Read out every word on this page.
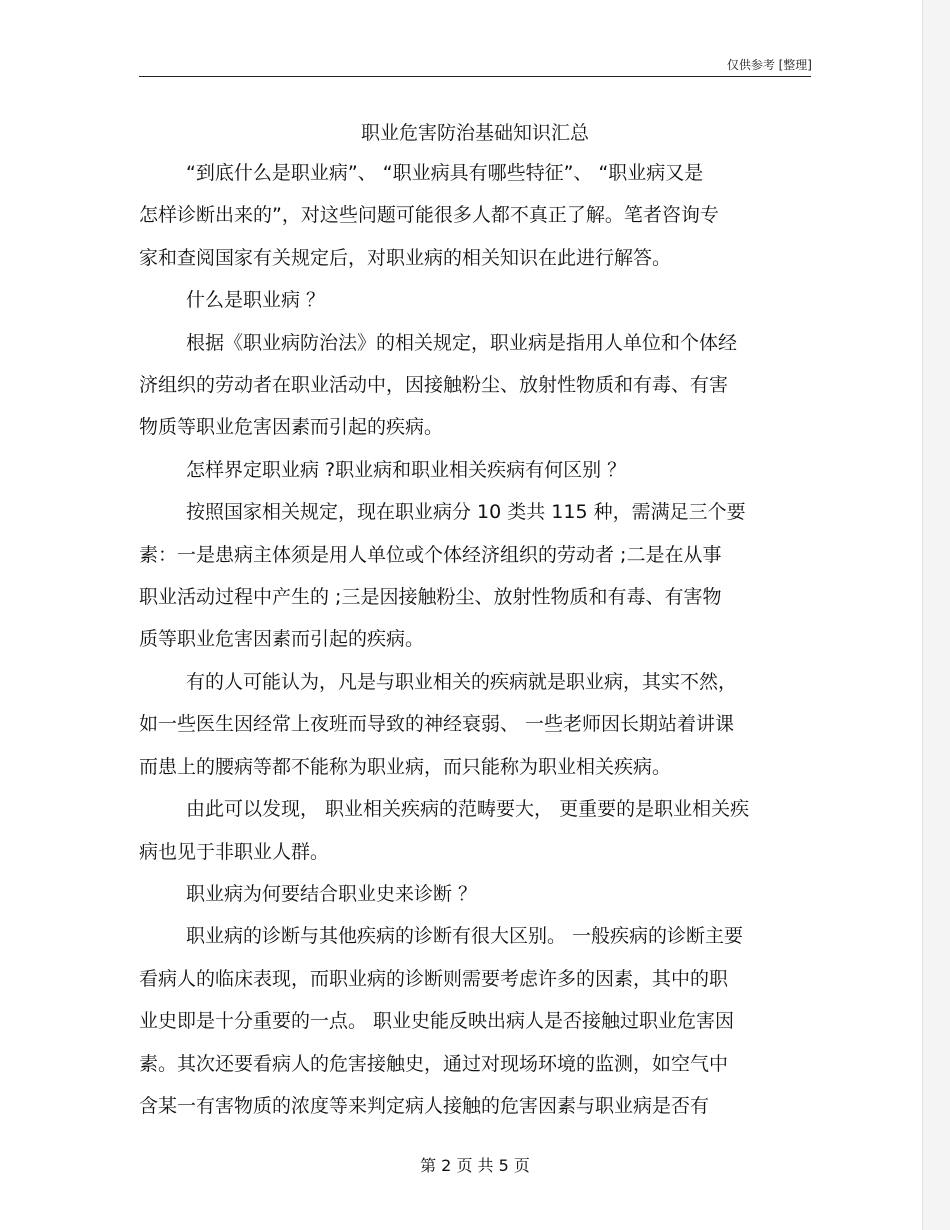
仅供参考 [整理]
职业危害防治基础知识汇总

“到底什么是职业病”、 “职业病具有哪些特征”、 “职业病又是
怎样诊断出来的”，对这些问题可能很多人都不真正了解。笔者咨询专
家和查阅国家有关规定后，对职业病的相关知识在此进行解答。

什么是职业病 ？

根据《职业病防治法》的相关规定，职业病是指用人单位和个体经
济组织的劳动者在职业活动中，因接触粉尘、放射性物质和有毒、有害
物质等职业危害因素而引起的疾病。

怎样界定职业病 ?职业病和职业相关疾病有何区别 ？

按照国家相关规定，现在职业病分 10 类共 115 种，需满足三个要
素：一是患病主体须是用人单位或个体经济组织的劳动者 ;二是在从事
职业活动过程中产生的 ;三是因接触粉尘、放射性物质和有毒、有害物
质等职业危害因素而引起的疾病。

有的人可能认为，凡是与职业相关的疾病就是职业病，其实不然，
如一些医生因经常上夜班而导致的神经衰弱、 一些老师因长期站着讲课
而患上的腰病等都不能称为职业病，而只能称为职业相关疾病。

由此可以发现， 职业相关疾病的范畴要大， 更重要的是职业相关疾
病也见于非职业人群。

职业病为何要结合职业史来诊断 ？

职业病的诊断与其他疾病的诊断有很大区别。 一般疾病的诊断主要
看病人的临床表现，而职业病的诊断则需要考虑许多的因素，其中的职
业史即是十分重要的一点。 职业史能反映出病人是否接触过职业危害因
素。其次还要看病人的危害接触史，通过对现场环境的监测，如空气中
含某一有害物质的浓度等来判定病人接触的危害因素与职业病是否有

第 2 页 共 5 页
